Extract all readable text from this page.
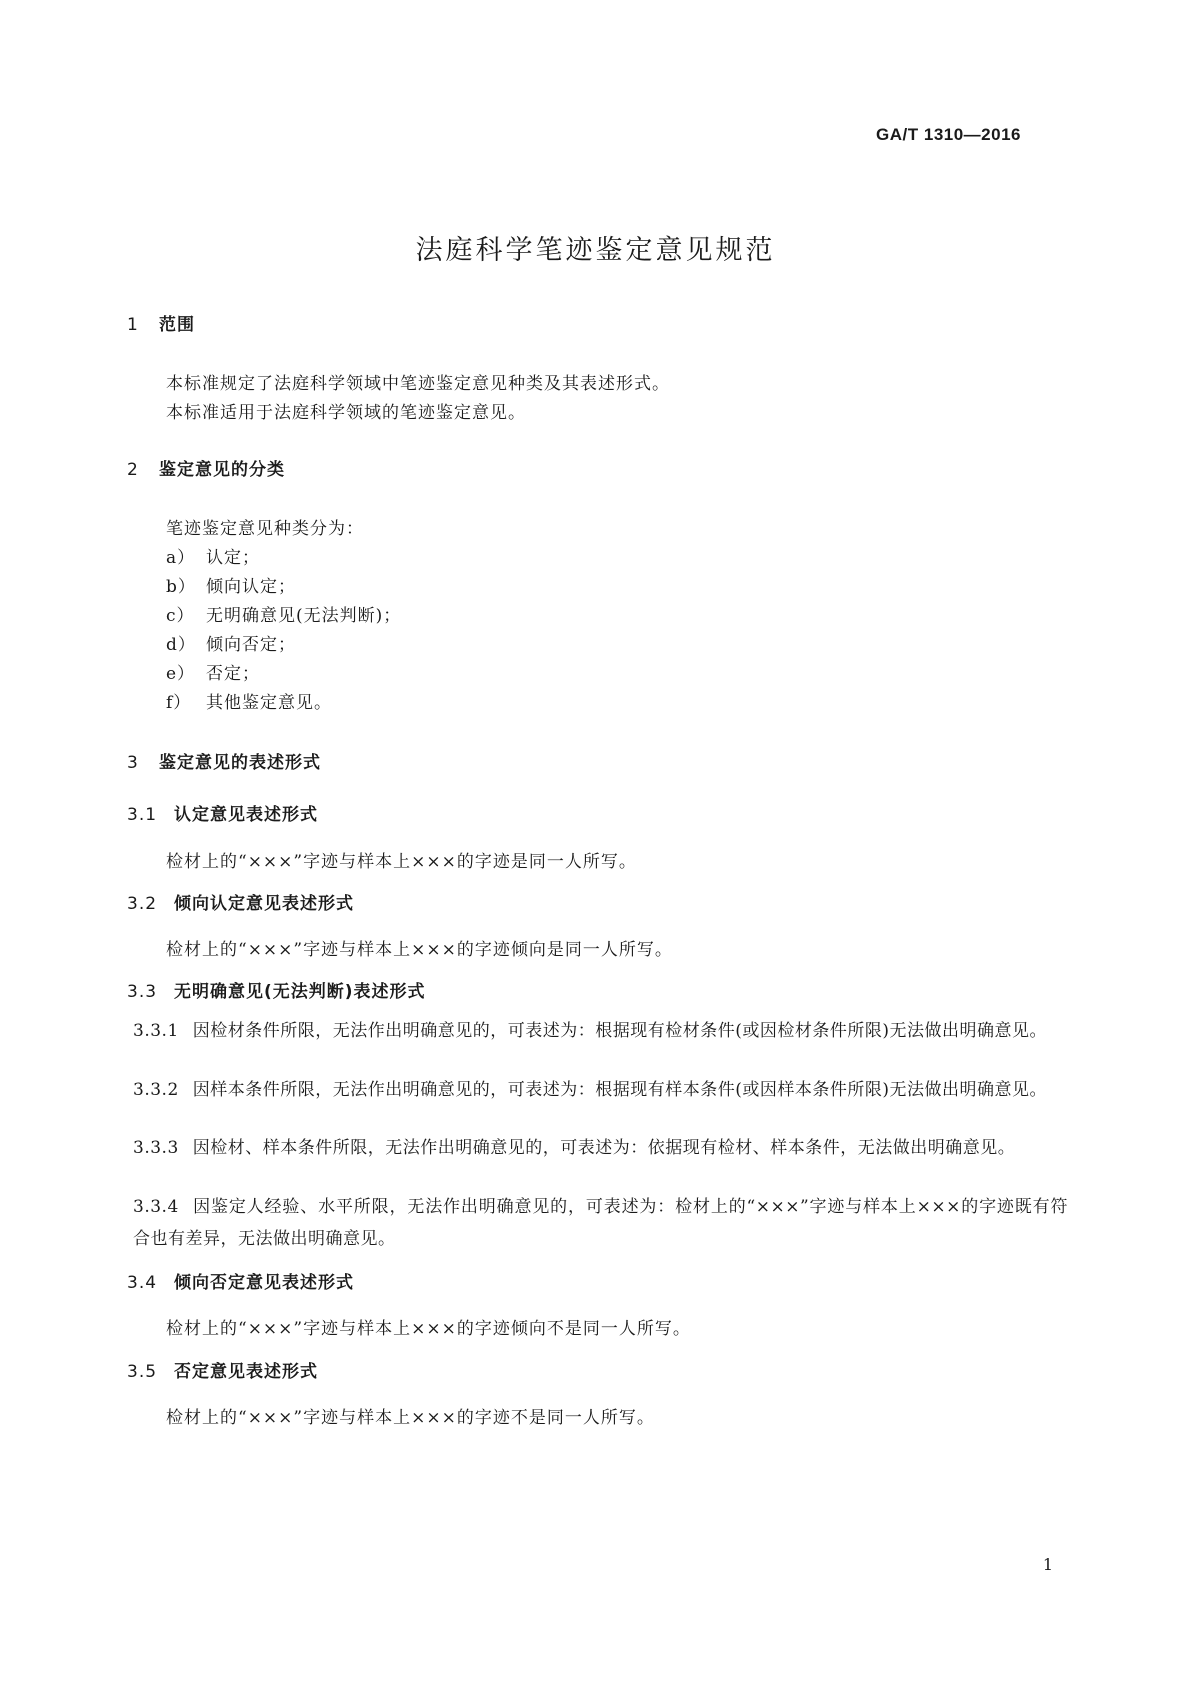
GA/T 1310—2016
法庭科学笔迹鉴定意见规范
1 范围
本标准规定了法庭科学领域中笔迹鉴定意见种类及其表述形式。
本标准适用于法庭科学领域的笔迹鉴定意见。
2 鉴定意见的分类
笔迹鉴定意见种类分为：
a） 认定；
b） 倾向认定；
c） 无明确意见(无法判断)；
d） 倾向否定；
e） 否定；
f） 其他鉴定意见。
3 鉴定意见的表述形式
3.1 认定意见表述形式
检材上的“×××”字迹与样本上×××的字迹是同一人所写。
3.2 倾向认定意见表述形式
检材上的“×××”字迹与样本上×××的字迹倾向是同一人所写。
3.3 无明确意见(无法判断)表述形式
3.3.1 因检材条件所限，无法作出明确意见的，可表述为：根据现有检材条件(或因检材条件所限)无法做出明确意见。
3.3.2 因样本条件所限，无法作出明确意见的，可表述为：根据现有样本条件(或因样本条件所限)无法做出明确意见。
3.3.3 因检材、样本条件所限，无法作出明确意见的，可表述为：依据现有检材、样本条件，无法做出明确意见。
3.3.4 因鉴定人经验、水平所限，无法作出明确意见的，可表述为：检材上的“×××”字迹与样本上×××的字迹既有符合也有差异，无法做出明确意见。
3.4 倾向否定意见表述形式
检材上的“×××”字迹与样本上×××的字迹倾向不是同一人所写。
3.5 否定意见表述形式
检材上的“×××”字迹与样本上×××的字迹不是同一人所写。
1
